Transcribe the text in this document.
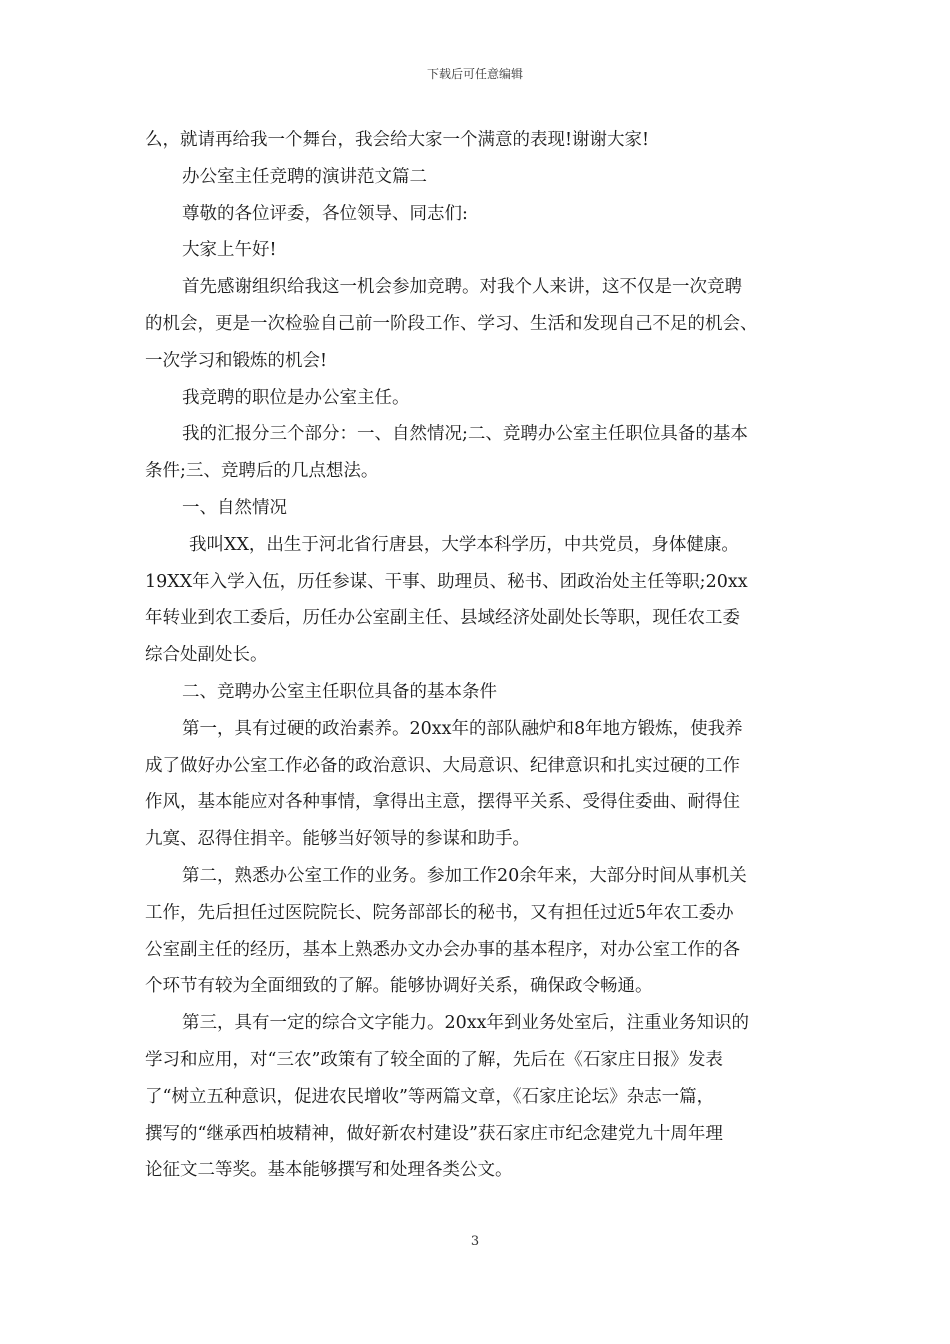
下载后可任意编辑
么，就请再给我一个舞台，我会给大家一个满意的表现!谢谢大家!
办公室主任竞聘的演讲范文篇二
尊敬的各位评委，各位领导、同志们:
大家上午好!
首先感谢组织给我这一机会参加竞聘。对我个人来讲，这不仅是一次竞聘
的机会，更是一次检验自己前一阶段工作、学习、生活和发现自己不足的机会、
一次学习和锻炼的机会!
我竞聘的职位是办公室主任。
我的汇报分三个部分：一、自然情况;二、竞聘办公室主任职位具备的基本
条件;三、竞聘后的几点想法。
一、自然情况
我叫XX，出生于河北省行唐县，大学本科学历，中共党员，身体健康。
19XX年入学入伍，历任参谋、干事、助理员、秘书、团政治处主任等职;20xx
年转业到农工委后，历任办公室副主任、县域经济处副处长等职，现任农工委
综合处副处长。
二、竞聘办公室主任职位具备的基本条件
第一，具有过硬的政治素养。20xx年的部队融炉和8年地方锻炼，使我养
成了做好办公室工作必备的政治意识、大局意识、纪律意识和扎实过硬的工作
作风，基本能应对各种事情，拿得出主意，摆得平关系、受得住委曲、耐得住
九寞、忍得住捐辛。能够当好领导的参谋和助手。
第二，熟悉办公室工作的业务。参加工作20余年来，大部分时间从事机关
工作，先后担任过医院院长、院务部部长的秘书，又有担任过近5年农工委办
公室副主任的经历，基本上熟悉办文办会办事的基本程序，对办公室工作的各
个环节有较为全面细致的了解。能够协调好关系，确保政令畅通。
第三，具有一定的综合文字能力。20xx年到业务处室后，注重业务知识的
学习和应用，对“三农”政策有了较全面的了解，先后在《石家庄日报》发表
了“树立五种意识，促进农民增收”等两篇文章，《石家庄论坛》杂志一篇，
撰写的“继承西柏坡精神，做好新农村建设”获石家庄市纪念建党九十周年理
论征文二等奖。基本能够撰写和处理各类公文。
3
